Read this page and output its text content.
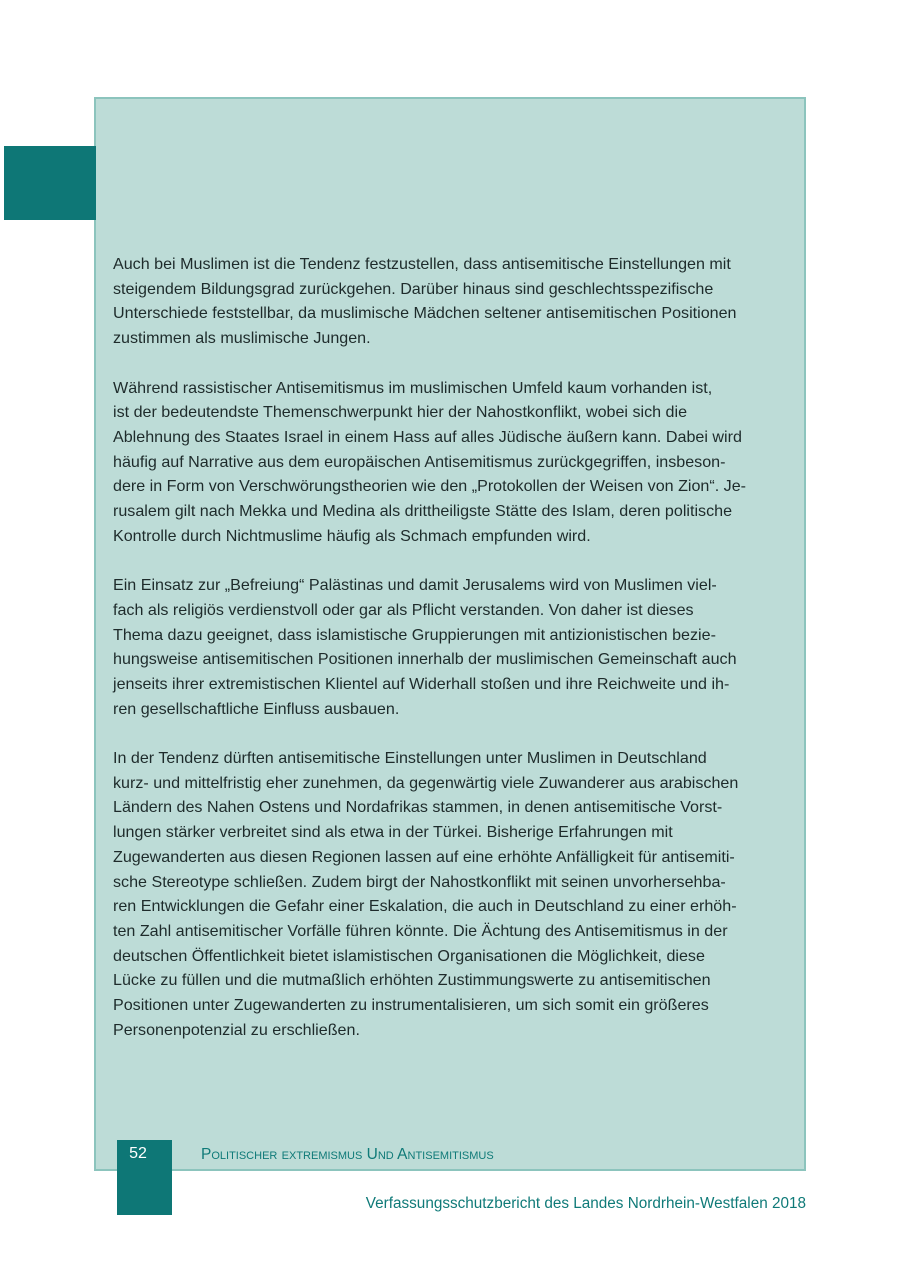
Auch bei Muslimen ist die Tendenz festzustellen, dass antisemitische Einstellungen mit
steigendem Bildungsgrad zurückgehen. Darüber hinaus sind geschlechtsspezifische
Unterschiede feststellbar, da muslimische Mädchen seltener antisemitischen Positionen
zustimmen als muslimische Jungen.

Während rassistischer Antisemitismus im muslimischen Umfeld kaum vorhanden ist,
ist der bedeutendste Themenschwerpunkt hier der Nahostkonflikt, wobei sich die
Ablehnung des Staates Israel in einem Hass auf alles Jüdische äußern kann. Dabei wird
häufig auf Narrative aus dem europäischen Antisemitismus zurückgegriffen, insbeson-
dere in Form von Verschwörungstheorien wie den „Protokollen der Weisen von Zion“. Je-
rusalem gilt nach Mekka und Medina als drittheiligste Stätte des Islam, deren politische
Kontrolle durch Nichtmuslime häufig als Schmach empfunden wird.

Ein Einsatz zur „Befreiung“ Palästinas und damit Jerusalems wird von Muslimen viel-
fach als religiös verdienstvoll oder gar als Pflicht verstanden. Von daher ist dieses
Thema dazu geeignet, dass islamistische Gruppierungen mit antizionistischen bezie-
hungsweise antisemitischen Positionen innerhalb der muslimischen Gemeinschaft auch
jenseits ihrer extremistischen Klientel auf Widerhall stoßen und ihre Reichweite und ih-
ren gesellschaftliche Einfluss ausbauen.

In der Tendenz dürften antisemitische Einstellungen unter Muslimen in Deutschland
kurz- und mittelfristig eher zunehmen, da gegenwärtig viele Zuwanderer aus arabischen
Ländern des Nahen Ostens und Nordafrikas stammen, in denen antisemitische Vorst-
lungen stärker verbreitet sind als etwa in der Türkei. Bisherige Erfahrungen mit
Zugewanderten aus diesen Regionen lassen auf eine erhöhte Anfälligkeit für antisemiti-
sche Stereotype schließen. Zudem birgt der Nahostkonflikt mit seinen unvorhersehba-
ren Entwicklungen die Gefahr einer Eskalation, die auch in Deutschland zu einer erhöh-
ten Zahl antisemitischer Vorfälle führen könnte. Die Ächtung des Antisemitismus in der
deutschen Öffentlichkeit bietet islamistischen Organisationen die Möglichkeit, diese
Lücke zu füllen und die mutmaßlich erhöhten Zustimmungswerte zu antisemitischen
Positionen unter Zugewanderten zu instrumentalisieren, um sich somit ein größeres
Personenpotenzial zu erschließen.

52	Politischer extremismus Und Antisemitismus
Verfassungsschutzbericht des Landes Nordrhein-Westfalen 2018
